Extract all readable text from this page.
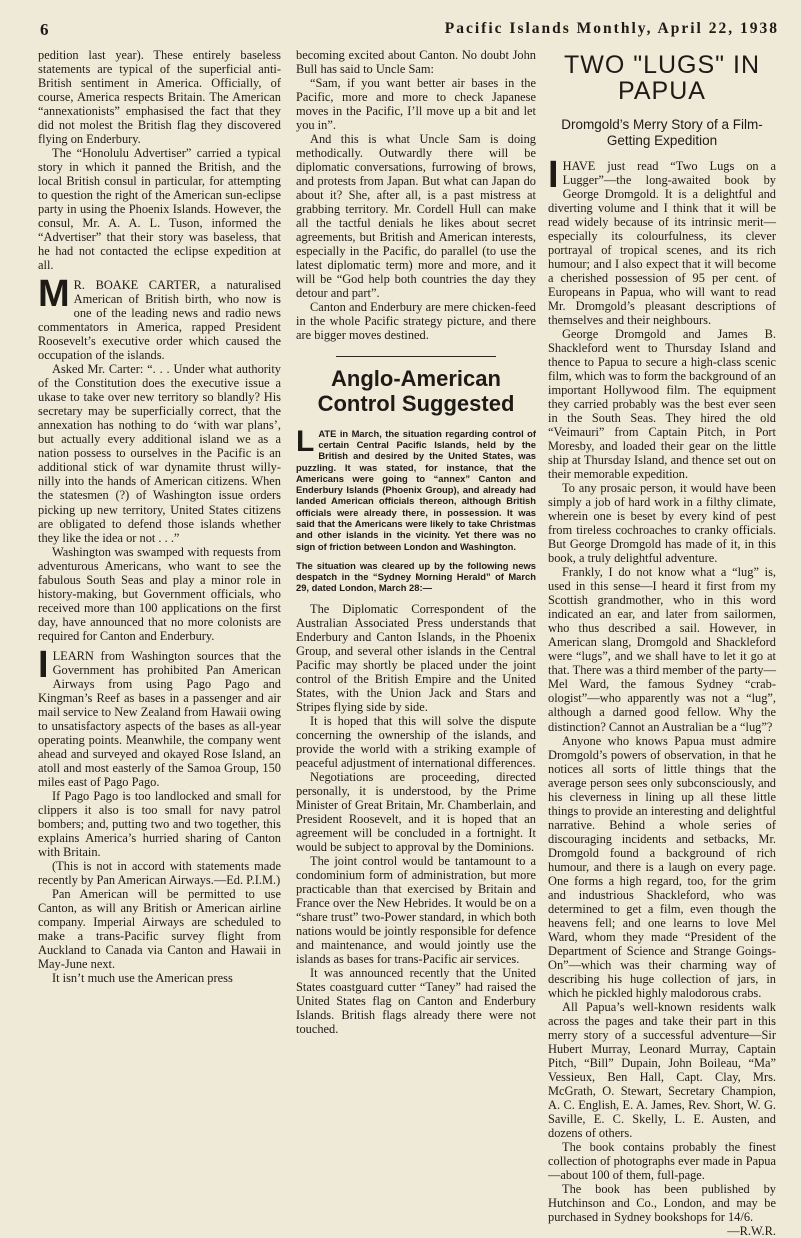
6	Pacific Islands Monthly, April 22, 1938

pedition last year). These entirely baseless statements are typical of the superficial anti-British sentiment in America. Officially, of course, America respects Britain. The American “annexationists” emphasised the fact that they did not molest the British flag they discovered flying on Enderbury.

The “Honolulu Advertiser” carried a typical story in which it panned the British, and the local British consul in particular, for attempting to question the right of the American sun-eclipse party in using the Phoenix Islands. However, the consul, Mr. A. A. L. Tuson, informed the “Advertiser” that their story was baseless, that he had not contacted the eclipse expedition at all.

M R. BOAKE CARTER, a naturalised American of British birth, who now is one of the leading news and radio news commentators in America, rapped President Roosevelt’s executive order which caused the occupation of the islands.

Asked Mr. Carter: “. . . Under what authority of the Constitution does the executive issue a ukase to take over new territory so blandly? His secretary may be superficially correct, that the annexation has nothing to do ‘with war plans’, but actually every additional island we as a nation possess to ourselves in the Pacific is an additional stick of war dynamite thrust willy-nilly into the hands of American citizens. When the statesmen (?) of Washington issue orders picking up new territory, United States citizens are obligated to defend those islands whether they like the idea or not . . .”

Washington was swamped with requests from adventurous Americans, who want to see the fabulous South Seas and play a minor role in history-making, but Government officials, who received more than 100 applications on the first day, have announced that no more colonists are required for Canton and Enderbury.

ILEARN from Washington sources that the Government has prohibited Pan American Airways from using Pago Pago and Kingman’s Reef as bases in a passenger and air mail service to New Zealand from Hawaii owing to unsatisfactory aspects of the bases as all-year operating points. Meanwhile, the company went ahead and surveyed and okayed Rose Island, an atoll and most easterly of the Samoa Group, 150 miles east of Pago Pago.

If Pago Pago is too landlocked and small for clippers it also is too small for navy patrol bombers; and, putting two and two together, this explains America’s hurried sharing of Canton with Britain.

(This is not in accord with statements made recently by Pan American Airways.—Ed. P.I.M.)

Pan American will be permitted to use Canton, as will any British or American airline company. Imperial Airways are scheduled to make a trans-Pacific survey flight from Auckland to Canada via Canton and Hawaii in May-June next.

It isn’t much use the American press

becoming excited about Canton. No doubt John Bull has said to Uncle Sam:

“Sam, if you want better air bases in the Pacific, more and more to check Japanese moves in the Pacific, I’ll move up a bit and let you in”.

And this is what Uncle Sam is doing methodically. Outwardly there will be diplomatic conversations, furrowing of brows, and protests from Japan. But what can Japan do about it? She, after all, is a past mistress at grabbing territory. Mr. Cordell Hull can make all the tactful denials he likes about secret agreements, but British and American interests, especially in the Pacific, do parallel (to use the latest diplomatic term) more and more, and it will be “God help both countries the day they detour and part”.

Canton and Enderbury are mere chicken-feed in the whole Pacific strategy picture, and there are bigger moves destined.

Anglo-American Control Suggested
LATE in March, the situation regarding control of certain Central Pacific Islands, held by the British and desired by the United States, was puzzling. It was stated, for instance, that the Americans were going to “annex” Canton and Enderbury Islands (Phoenix Group), and already had landed American officials thereon, although British officials were already there, in possession. It was said that the Americans were likely to take Christmas and other islands in the vicinity. Yet there was no sign of friction between London and Washington.
The situation was cleared up by the following news despatch in the “Sydney Morning Herald” of March 29, dated London, March 28:—

The Diplomatic Correspondent of the Australian Associated Press understands that Enderbury and Canton Islands, in the Phoenix Group, and several other islands in the Central Pacific may shortly be placed under the joint control of the British Empire and the United States, with the Union Jack and Stars and Stripes flying side by side.

It is hoped that this will solve the dispute concerning the ownership of the islands, and provide the world with a striking example of peaceful adjustment of international differences.

Negotiations are proceeding, directed personally, it is understood, by the Prime Minister of Great Britain, Mr. Chamberlain, and President Roosevelt, and it is hoped that an agreement will be concluded in a fortnight. It would be subject to approval by the Dominions.

The joint control would be tantamount to a condominium form of administration, but more practicable than that exercised by Britain and France over the New Hebrides. It would be on a “share trust” two-Power standard, in which both nations would be jointly responsible for defence and maintenance, and would jointly use the islands as bases for trans-Pacific air services.

It was announced recently that the United States coastguard cutter “Taney” had raised the United States flag on Canton and Enderbury Islands. British flags already there were not touched.

TWO "LUGS" IN PAPUA
Dromgold’s Merry Story of a Film-Getting Expedition

IHAVE just read “Two Lugs on a Lugger”—the long-awaited book by George Dromgold. It is a delightful and diverting volume and I think that it will be read widely because of its intrinsic merit—especially its colourfulness, its clever portrayal of tropical scenes, and its rich humour; and I also expect that it will become a cherished possession of 95 per cent. of Europeans in Papua, who will want to read Mr. Dromgold’s pleasant descriptions of themselves and their neighbours.

George Dromgold and James B. Shackleford went to Thursday Island and thence to Papua to secure a high-class scenic film, which was to form the background of an important Hollywood film. The equipment they carried probably was the best ever seen in the South Seas. They hired the old “Veimauri” from Captain Pitch, in Port Moresby, and loaded their gear on the little ship at Thursday Island, and thence set out on their memorable expedition.

To any prosaic person, it would have been simply a job of hard work in a filthy climate, wherein one is beset by every kind of pest from tireless cochroaches to cranky officials. But George Dromgold has made of it, in this book, a truly delightful adventure.

Frankly, I do not know what a “lug” is, used in this sense—I heard it first from my Scottish grandmother, who in this word indicated an ear, and later from sailormen, who thus described a sail. However, in American slang, Dromgold and Shackleford were “lugs”, and we shall have to let it go at that. There was a third member of the party—Mel Ward, the famous Sydney “crab-ologist”—who apparently was not a “lug”, although a darned good fellow. Why the distinction? Cannot an Australian be a “lug”?

Anyone who knows Papua must admire Dromgold’s powers of observation, in that he notices all sorts of little things that the average person sees only subconsciously, and his cleverness in lining up all these little things to provide an interesting and delightful narrative. Behind a whole series of discouraging incidents and setbacks, Mr. Dromgold found a background of rich humour, and there is a laugh on every page. One forms a high regard, too, for the grim and industrious Shackleford, who was determined to get a film, even though the heavens fell; and one learns to love Mel Ward, whom they made “President of the Department of Science and Strange Goings-On”—which was their charming way of describing his huge collection of jars, in which he pickled highly malodorous crabs.

All Papua’s well-known residents walk across the pages and take their part in this merry story of a successful adventure—Sir Hubert Murray, Leonard Murray, Captain Pitch, “Bill” Dupain, John Boileau, “Ma” Vessieux, Ben Hall, Capt. Clay, Mrs. McGrath, O. Stewart, Secretary Champion, A. C. English, E. A. James, Rev. Short, W. G. Saville, E. C. Skelly, L. E. Austen, and dozens of others.

The book contains probably the finest collection of photographs ever made in Papua—about 100 of them, full-page.

The book has been published by Hutchinson and Co., London, and may be purchased in Sydney bookshops for 14/6.

—R.W.R.
